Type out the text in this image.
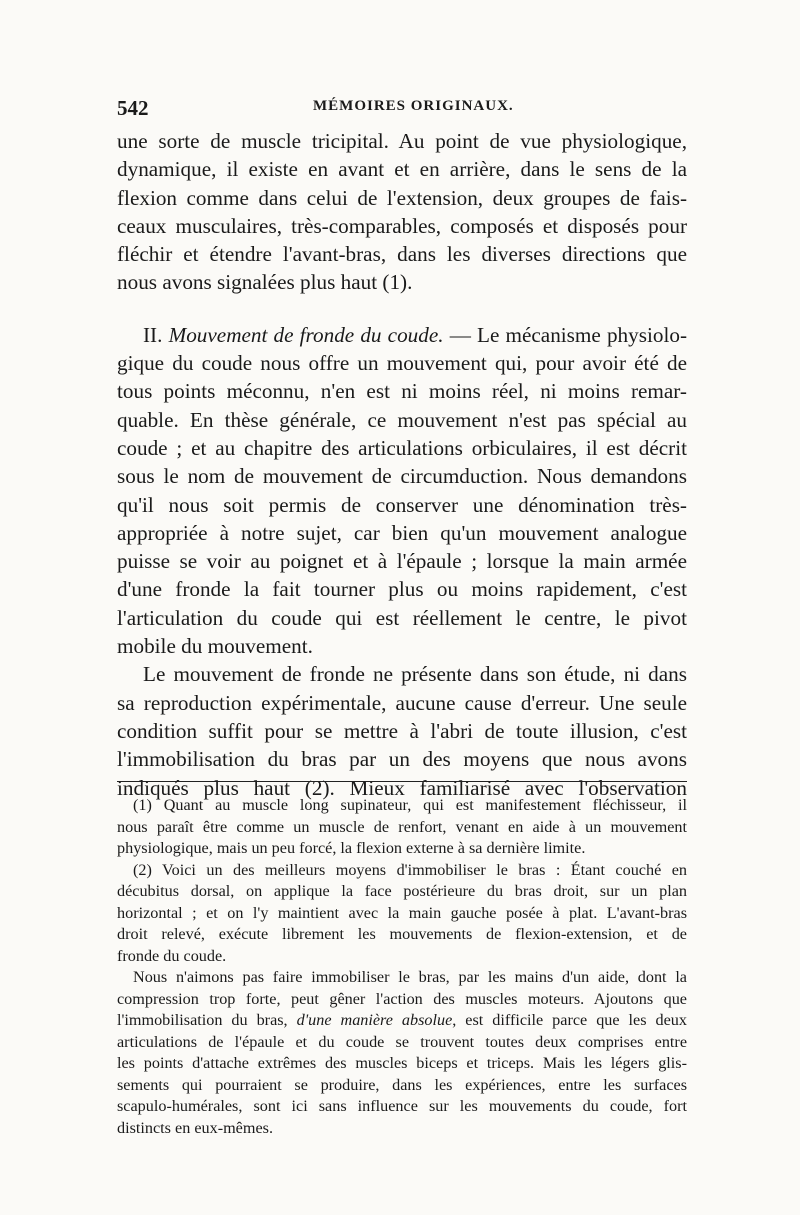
542	MÉMOIRES ORIGINAUX.
une sorte de muscle tricipital. Au point de vue physiologique,
dynamique, il existe en avant et en arrière, dans le sens de la
flexion comme dans celui de l'extension, deux groupes de fais-
ceaux musculaires, très-comparables, composés et disposés pour
fléchir et étendre l'avant-bras, dans les diverses directions que
nous avons signalées plus haut (1).
II. Mouvement de fronde du coude. — Le mécanisme physiolo-
gique du coude nous offre un mouvement qui, pour avoir été de
tous points méconnu, n'en est ni moins réel, ni moins remar-
quable. En thèse générale, ce mouvement n'est pas spécial au
coude ; et au chapitre des articulations orbiculaires, il est décrit
sous le nom de mouvement de circumduction. Nous demandons
qu'il nous soit permis de conserver une dénomination très-
appropriée à notre sujet, car bien qu'un mouvement analogue
puisse se voir au poignet et à l'épaule ; lorsque la main armée
d'une fronde la fait tourner plus ou moins rapidement, c'est
l'articulation du coude qui est réellement le centre, le pivot
mobile du mouvement.
Le mouvement de fronde ne présente dans son étude, ni dans
sa reproduction expérimentale, aucune cause d'erreur. Une seule
condition suffit pour se mettre à l'abri de toute illusion, c'est
l'immobilisation du bras par un des moyens que nous avons
indiqués plus haut (2). Mieux familiarisé avec l'observation
(1) Quant au muscle long supinateur, qui est manifestement fléchisseur, il
nous paraît être comme un muscle de renfort, venant en aide à un mouvement
physiologique, mais un peu forcé, la flexion externe à sa dernière limite.
(2) Voici un des meilleurs moyens d'immobiliser le bras : Étant couché en
décubitus dorsal, on applique la face postérieure du bras droit, sur un plan
horizontal ; et on l'y maintient avec la main gauche posée à plat. L'avant-bras
droit relevé, exécute librement les mouvements de flexion-extension, et de
fronde du coude.
Nous n'aimons pas faire immobiliser le bras, par les mains d'un aide, dont la
compression trop forte, peut gêner l'action des muscles moteurs. Ajoutons que
l'immobilisation du bras, d'une manière absolue, est difficile parce que les deux
articulations de l'épaule et du coude se trouvent toutes deux comprises entre
les points d'attache extrêmes des muscles biceps et triceps. Mais les légers glis-
sements qui pourraient se produire, dans les expériences, entre les surfaces
scapulo-humérales, sont ici sans influence sur les mouvements du coude, fort
distincts en eux-mêmes.
